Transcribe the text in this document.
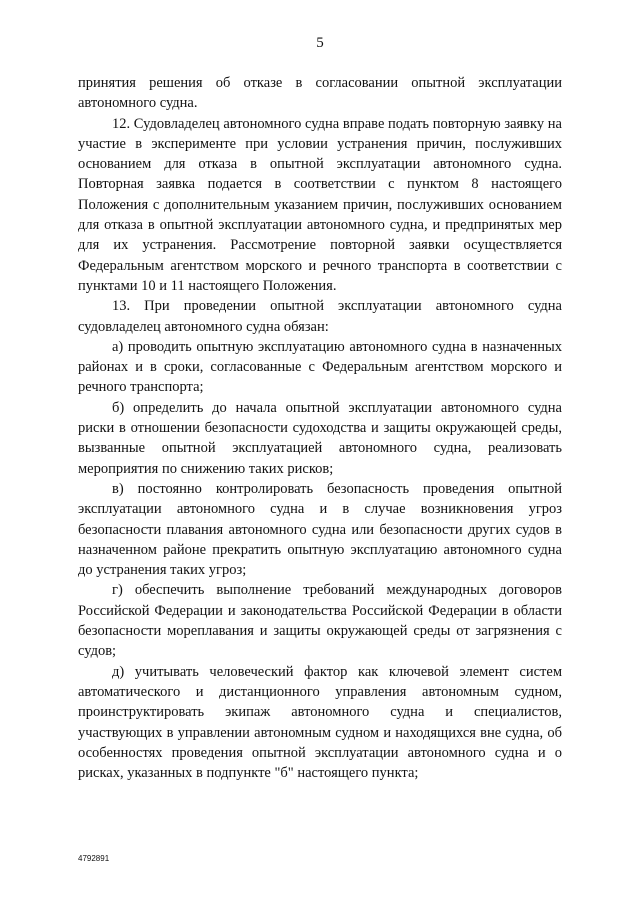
5

принятия решения об отказе в согласовании опытной эксплуатации автономного судна.

12. Судовладелец автономного судна вправе подать повторную заявку на участие в эксперименте при условии устранения причин, послуживших основанием для отказа в опытной эксплуатации автономного судна. Повторная заявка подается в соответствии с пунктом 8 настоящего Положения с дополнительным указанием причин, послуживших основанием для отказа в опытной эксплуатации автономного судна, и предпринятых мер для их устранения. Рассмотрение повторной заявки осуществляется Федеральным агентством морского и речного транспорта в соответствии с пунктами 10 и 11 настоящего Положения.

13. При проведении опытной эксплуатации автономного судна судовладелец автономного судна обязан:

а) проводить опытную эксплуатацию автономного судна в назначенных районах и в сроки, согласованные с Федеральным агентством морского и речного транспорта;

б) определить до начала опытной эксплуатации автономного судна риски в отношении безопасности судоходства и защиты окружающей среды, вызванные опытной эксплуатацией автономного судна, реализовать мероприятия по снижению таких рисков;

в) постоянно контролировать безопасность проведения опытной эксплуатации автономного судна и в случае возникновения угроз безопасности плавания автономного судна или безопасности других судов в назначенном районе прекратить опытную эксплуатацию автономного судна до устранения таких угроз;

г) обеспечить выполнение требований международных договоров Российской Федерации и законодательства Российской Федерации в области безопасности мореплавания и защиты окружающей среды от загрязнения с судов;

д) учитывать человеческий фактор как ключевой элемент систем автоматического и дистанционного управления автономным судном, проинструктировать экипаж автономного судна и специалистов, участвующих в управлении автономным судном и находящихся вне судна, об особенностях проведения опытной эксплуатации автономного судна и о рисках, указанных в подпункте "б" настоящего пункта;

4792891
